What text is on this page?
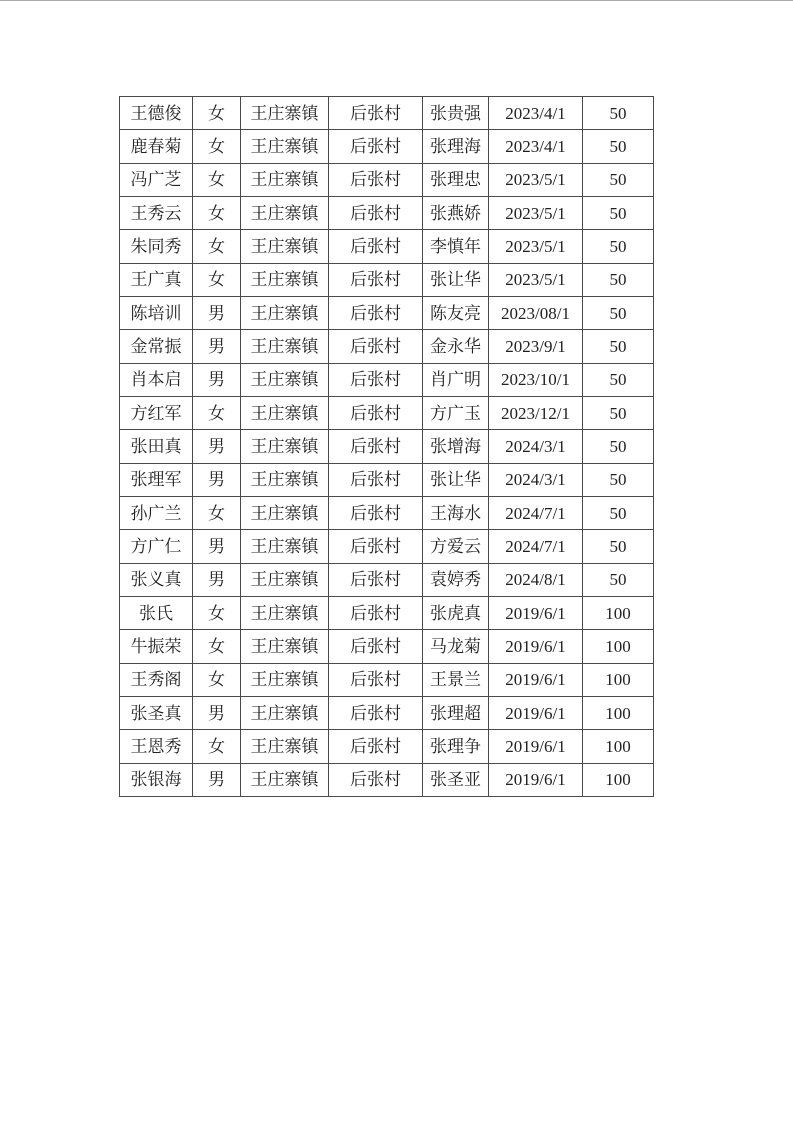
王德俊	女	王庄寨镇	后张村	张贵强	2023/4/1	50
鹿春菊	女	王庄寨镇	后张村	张理海	2023/4/1	50
冯广芝	女	王庄寨镇	后张村	张理忠	2023/5/1	50
王秀云	女	王庄寨镇	后张村	张燕娇	2023/5/1	50
朱同秀	女	王庄寨镇	后张村	李慎年	2023/5/1	50
王广真	女	王庄寨镇	后张村	张让华	2023/5/1	50
陈培训	男	王庄寨镇	后张村	陈友亮	2023/08/1	50
金常振	男	王庄寨镇	后张村	金永华	2023/9/1	50
肖本启	男	王庄寨镇	后张村	肖广明	2023/10/1	50
方红军	女	王庄寨镇	后张村	方广玉	2023/12/1	50
张田真	男	王庄寨镇	后张村	张增海	2024/3/1	50
张理军	男	王庄寨镇	后张村	张让华	2024/3/1	50
孙广兰	女	王庄寨镇	后张村	王海水	2024/7/1	50
方广仁	男	王庄寨镇	后张村	方爱云	2024/7/1	50
张义真	男	王庄寨镇	后张村	袁婷秀	2024/8/1	50
张氏	女	王庄寨镇	后张村	张虎真	2019/6/1	100
牛振荣	女	王庄寨镇	后张村	马龙菊	2019/6/1	100
王秀阁	女	王庄寨镇	后张村	王景兰	2019/6/1	100
张圣真	男	王庄寨镇	后张村	张理超	2019/6/1	100
王恩秀	女	王庄寨镇	后张村	张理争	2019/6/1	100
张银海	男	王庄寨镇	后张村	张圣亚	2019/6/1	100
